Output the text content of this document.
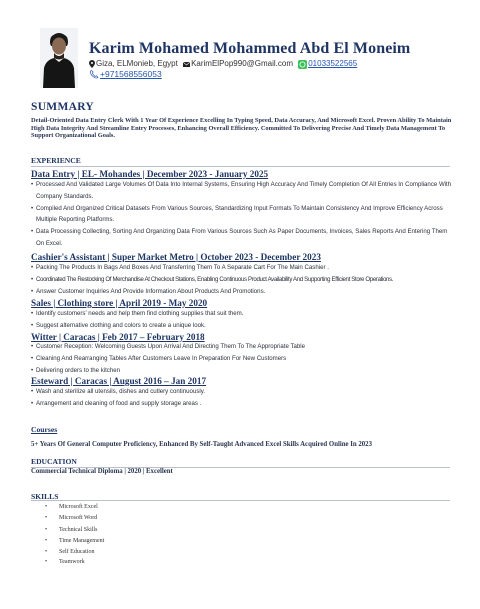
Karim Mohamed Mohammed Abd El Moneim
Giza, ELMonieb, Egypt KarimElPop990@Gmail.com 01033522565
+971568556053
SUMMARY
Detail-Oriented Data Entry Clerk With 1 Year Of Experience Excelling In Typing Speed, Data Accuracy, And Microsoft Excel. Proven Ability To Maintain High Data Integrity And Streamline Entry Processes, Enhancing Overall Efficiency. Committed To Delivering Precise And Timely Data Management To Support Organizational Goals.
EXPERIENCE
Data Entry | EL- Mohandes | December 2023 - January 2025
• Processed And Validated Large Volumes Of Data Into Internal Systems, Ensuring High Accuracy And Timely Completion Of All Entries In Compliance With Company Standards.
• Compiled And Organized Critical Datasets From Various Sources, Standardizing Input Formats To Maintain Consistency And Improve Efficiency Across Multiple Reporting Platforms.
• Data Processing Collecting, Sorting And Organizing Data From Various Sources Such As Paper Documents, Invoices, Sales Reports And Entering Them On Excel.
Cashier's Assistant | Super Market Metro | October 2023 - December 2023
• Packing The Products In Bags And Boxes And Transferring Them To A Separate Cart For The Main Cashier .
• Coordinated The Restocking Of Merchandise At Checkout Stations, Enabling Continuous Product Availability And Supporting Efficient Store Operations.
• Answer Customer Inquiries And Provide Information About Products And Promotions.
Sales | Clothing store | April 2019 - May 2020
• Identify customers' needs and help them find clothing supplies that suit them.
• Suggest alternative clothing and colors to create a unique look.
Witter | Caracas | Feb 2017 – February 2018
• Customer Reception: Welcoming Guests Upon Arrival And Directing Them To The Appropriate Table
• Cleaning And Rearranging Tables After Customers Leave In Preparation For New Customers
• Delivering orders to the kitchen
Esteward | Caracas | August 2016 – Jan 2017
• Wash and sterilize all utensils, dishes and cutlery continuously.
• Arrangement and cleaning of food and supply storage areas .
Courses
5+ Years Of General Computer Proficiency, Enhanced By Self-Taught Advanced Excel Skills Acquired Online In 2023
EDUCATION
Commercial Technical Diploma | 2020 | Excellent
SKILLS
• Microsoft Excel
• Microsoft Word
• Technical Skills
• Time Management
• Self Education
• Teamwork
